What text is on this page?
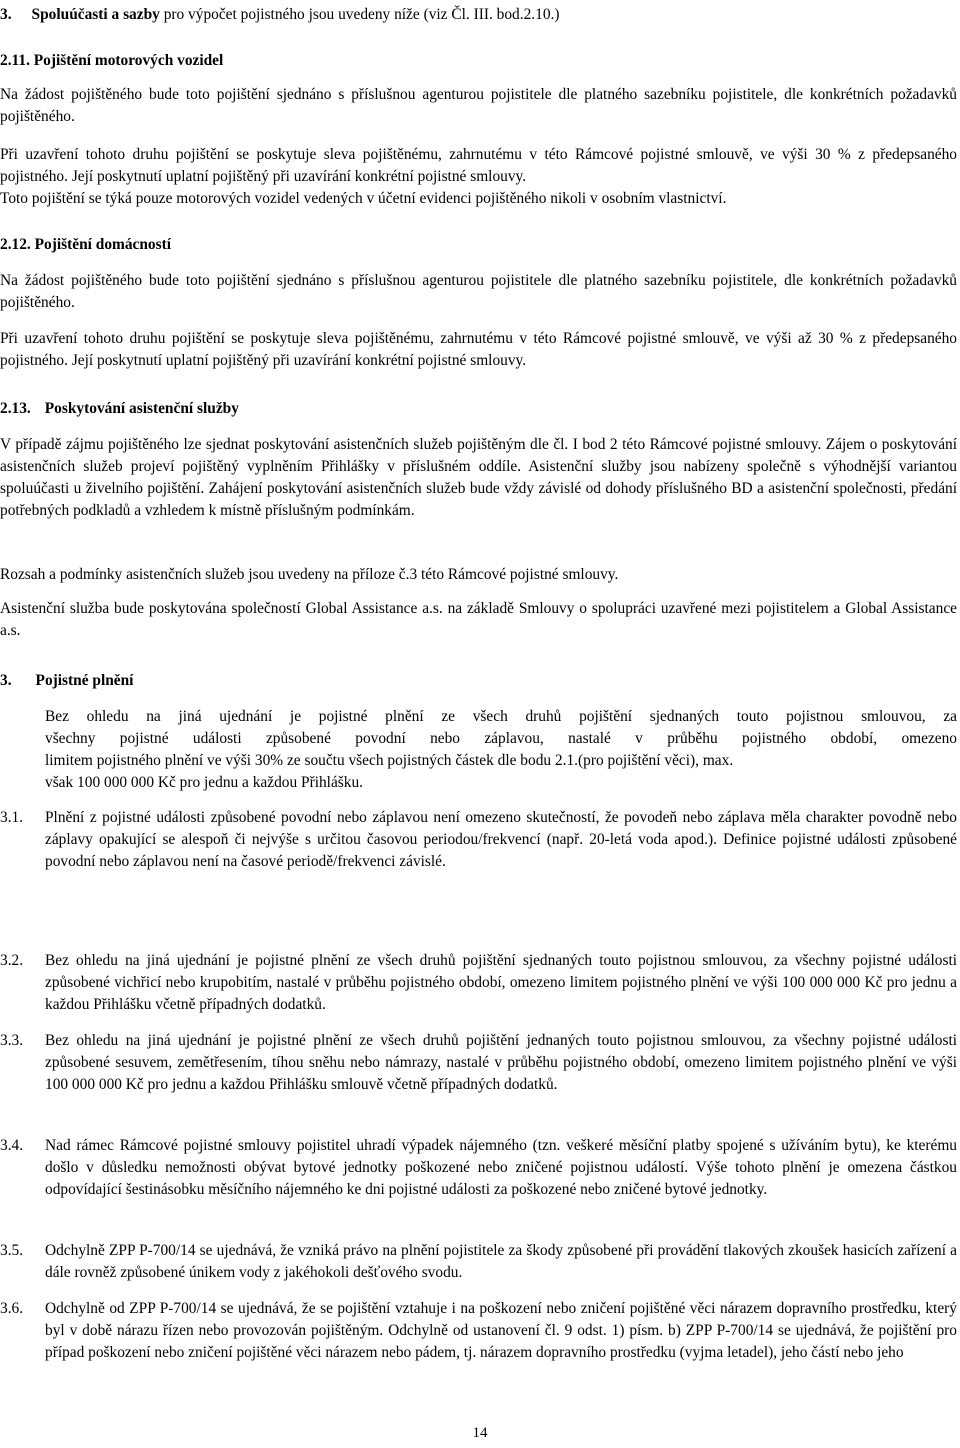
3. Spoluúčasti a sazby pro výpočet pojistného jsou uvedeny níže (viz Čl. III. bod.2.10.)

2.11. Pojištění motorových vozidel

Na žádost pojištěného bude toto pojištění sjednáno s příslušnou agenturou pojistitele dle platného sazebníku pojistitele, dle konkrétních požadavků pojištěného.

Při uzavření tohoto druhu pojištění se poskytuje sleva pojištěnému, zahrnutému v této Rámcové pojistné smlouvě, ve výši 30 % z předepsaného pojistného. Její poskytnutí uplatní pojištěný při uzavírání konkrétní pojistné smlouvy.

Toto pojištění se týká pouze motorových vozidel vedených v účetní evidenci pojištěného nikoli v osobním vlastnictví.

2.12. Pojištění domácností

Na žádost pojištěného bude toto pojištění sjednáno s příslušnou agenturou pojistitele dle platného sazebníku pojistitele, dle konkrétních požadavků pojištěného.

Při uzavření tohoto druhu pojištění se poskytuje sleva pojištěnému, zahrnutému v této Rámcové pojistné smlouvě, ve výši až 30 % z předepsaného pojistného. Její poskytnutí uplatní pojištěný při uzavírání konkrétní pojistné smlouvy.

2.13. Poskytování asistenční služby

V případě zájmu pojištěného lze sjednat poskytování asistenčních služeb pojištěným dle čl. I bod 2 této Rámcové pojistné smlouvy. Zájem o poskytování asistenčních služeb projeví pojištěný vyplněním Přihlášky v příslušném oddíle. Asistenční služby jsou nabízeny společně s výhodnější variantou spoluúčasti u živelního pojištění. Zahájení poskytování asistenčních služeb bude vždy závislé od dohody příslušného BD a asistenční společnosti, předání potřebných podkladů a vzhledem k místně příslušným podmínkám.

Rozsah a podmínky asistenčních služeb jsou uvedeny na příloze č.3 této Rámcové pojistné smlouvy.

Asistenční služba bude poskytována společností Global Assistance a.s. na základě Smlouvy o spolupráci uzavřené mezi pojistitelem a Global Assistance a.s.

3. Pojistné plnění

Bez ohledu na jiná ujednání je pojistné plnění ze všech druhů pojištění sjednaných touto pojistnou smlouvou, za

všechny pojistné události způsobené povodní nebo záplavou, nastalé v průběhu pojistného období, omezeno

limitem pojistného plnění ve výši 30% ze součtu všech pojistných částek dle bodu 2.1.(pro pojištění věci), max.

však 100 000 000 Kč pro jednu a každou Přihlášku.

3.1. Plnění z pojistné události způsobené povodní nebo záplavou není omezeno skutečností, že povodeň nebo záplava měla charakter povodně nebo záplavy opakující se alespoň či nejvýše s určitou časovou periodou/frekvencí (např. 20-letá voda apod.). Definice pojistné události způsobené povodní nebo záplavou není na časové periodě/frekvenci závislé.
3.2. Bez ohledu na jiná ujednání je pojistné plnění ze všech druhů pojištění sjednaných touto pojistnou smlouvou, za všechny pojistné události způsobené vichřicí nebo krupobitím, nastalé v průběhu pojistného období, omezeno limitem pojistného plnění ve výši 100 000 000 Kč pro jednu a každou Přihlášku včetně případných dodatků.
3.3. Bez ohledu na jiná ujednání je pojistné plnění ze všech druhů pojištění jednaných touto pojistnou smlouvou, za všechny pojistné události způsobené sesuvem, zemětřesením, tíhou sněhu nebo námrazy, nastalé v průběhu pojistného období, omezeno limitem pojistného plnění ve výši 100 000 000 Kč pro jednu a každou Přihlášku smlouvě včetně případných dodatků.
3.4. Nad rámec Rámcové pojistné smlouvy pojistitel uhradí výpadek nájemného (tzn. veškeré měsíční platby spojené s užíváním bytu), ke kterému došlo v důsledku nemožnosti obývat bytové jednotky poškozené nebo zničené pojistnou událostí. Výše tohoto plnění je omezena částkou odpovídající šestinásobku měsíčního nájemného ke dni pojistné události za poškozené nebo zničené bytové jednotky.
3.5. Odchylně ZPP P-700/14 se ujednává, že vzniká právo na plnění pojistitele za škody způsobené při provádění tlakových zkoušek hasicích zařízení a dále rovněž způsobené únikem vody z jakéhokoli dešťového svodu.
3.6. Odchylně od ZPP P-700/14 se ujednává, že se pojištění vztahuje i na poškození nebo zničení pojištěné věci nárazem dopravního prostředku, který byl v době nárazu řízen nebo provozován pojištěným. Odchylně od ustanovení čl. 9 odst. 1) písm. b) ZPP P-700/14 se ujednává, že pojištění pro případ poškození nebo zničení pojištěné věci nárazem nebo pádem, tj. nárazem dopravního prostředku (vyjma letadel), jeho částí nebo jeho
14
